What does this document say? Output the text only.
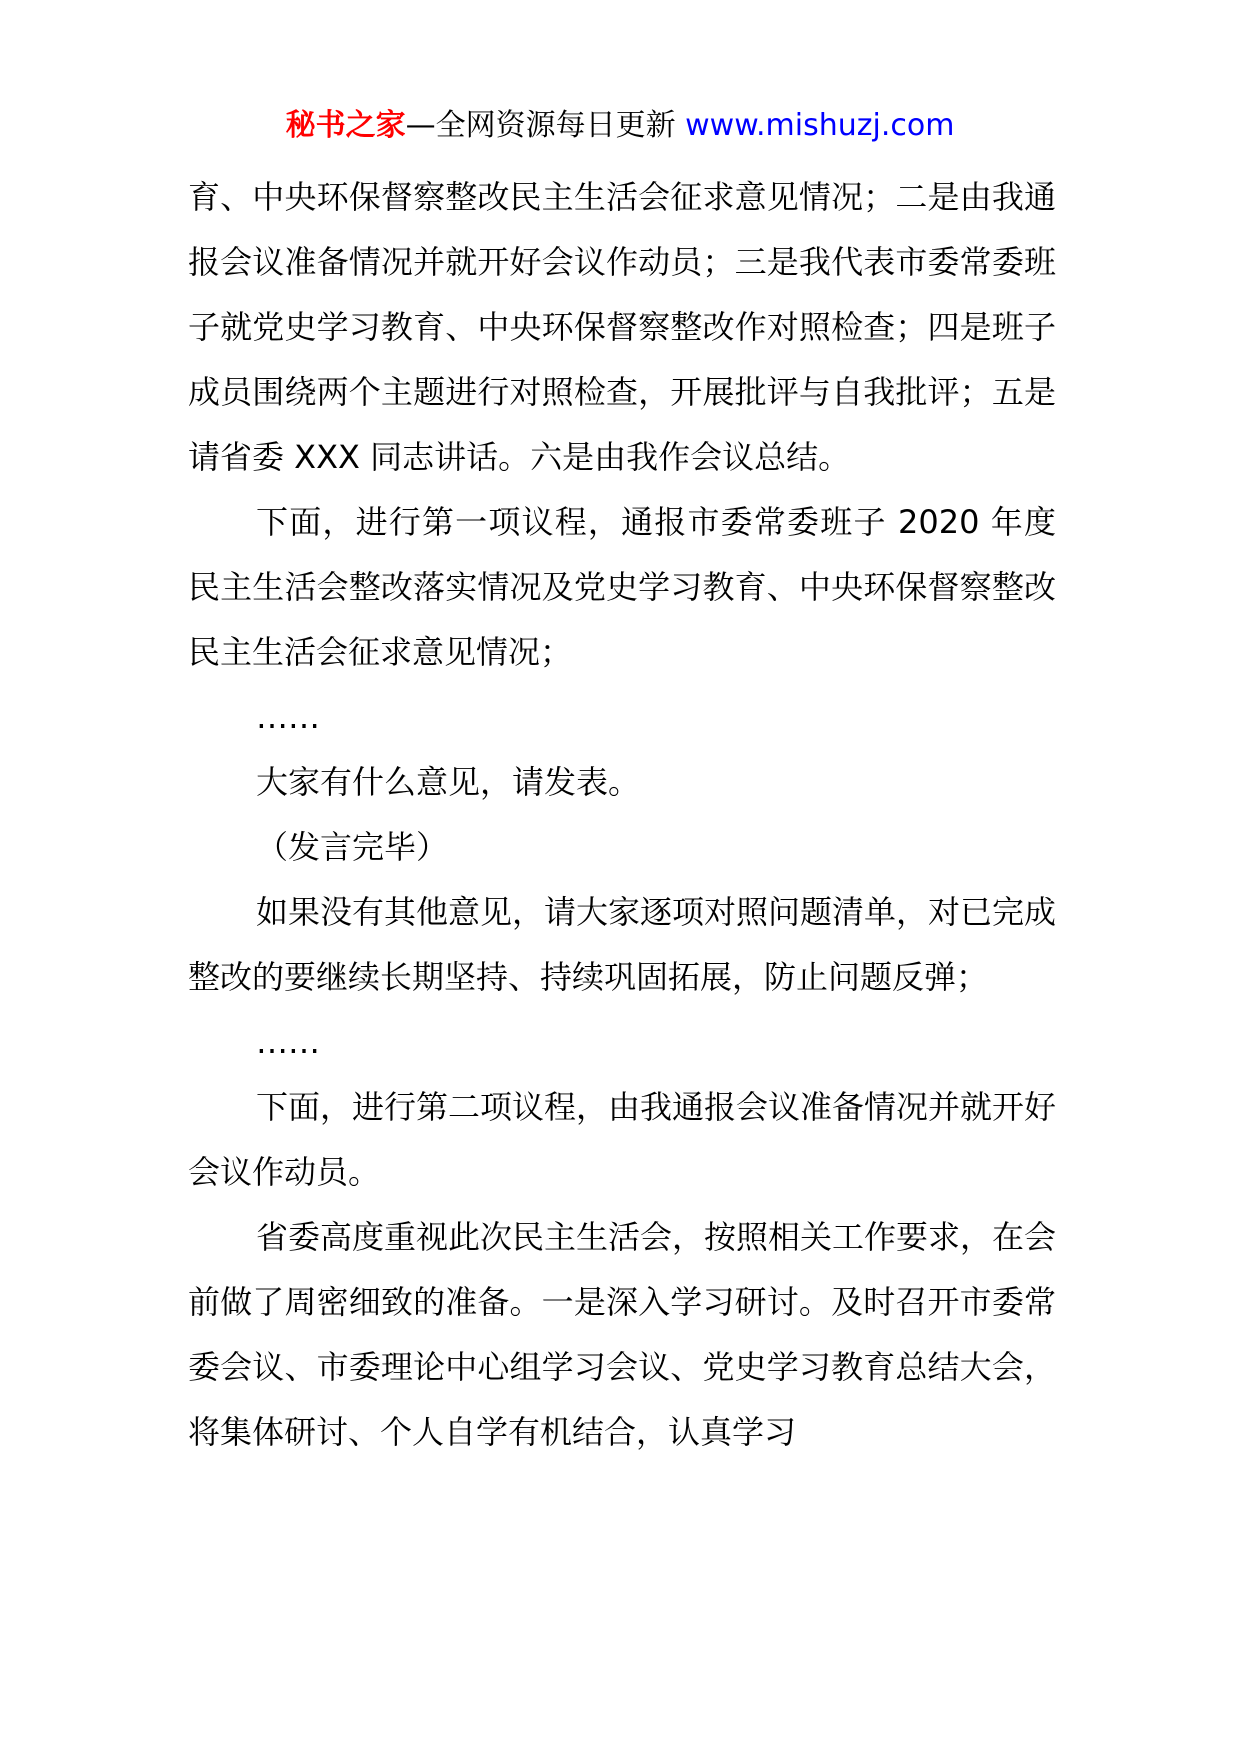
秘书之家—全网资源每日更新 www.mishuzj.com

育、中央环保督察整改民主生活会征求意见情况；二是由我通报会议准备情况并就开好会议作动员；三是我代表市委常委班子就党史学习教育、中央环保督察整改作对照检查；四是班子成员围绕两个主题进行对照检查，开展批评与自我批评；五是请省委 XXX 同志讲话。六是由我作会议总结。

下面，进行第一项议程，通报市委常委班子 2020 年度民主生活会整改落实情况及党史学习教育、中央环保督察整改民主生活会征求意见情况；

……

大家有什么意见，请发表。

（发言完毕）

如果没有其他意见，请大家逐项对照问题清单，对已完成整改的要继续长期坚持、持续巩固拓展，防止问题反弹；

……

下面，进行第二项议程，由我通报会议准备情况并就开好会议作动员。

省委高度重视此次民主生活会，按照相关工作要求，在会前做了周密细致的准备。一是深入学习研讨。及时召开市委常委会议、市委理论中心组学习会议、党史学习教育总结大会，将集体研讨、个人自学有机结合，认真学习
